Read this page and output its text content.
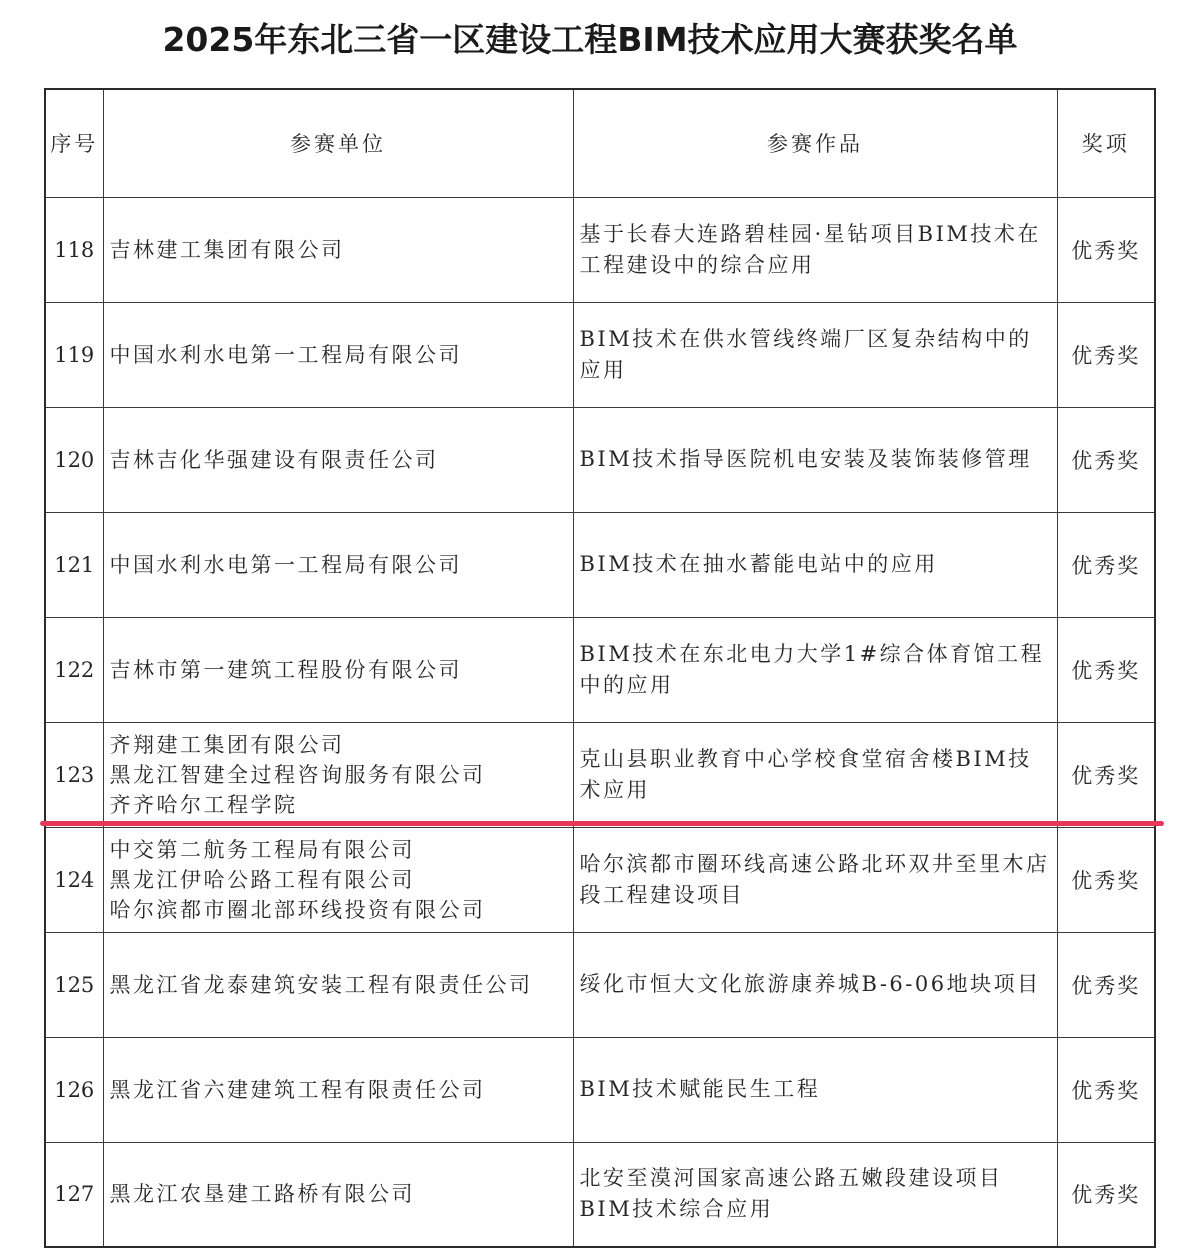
2025年东北三省一区建设工程BIM技术应用大赛获奖名单
序号	参赛单位	参赛作品	奖项
118	吉林建工集团有限公司	基于长春大连路碧桂园·星钻项目BIM技术在工程建设中的综合应用	优秀奖
119	中国水利水电第一工程局有限公司	BIM技术在供水管线终端厂区复杂结构中的应用	优秀奖
120	吉林吉化华强建设有限责任公司	BIM技术指导医院机电安装及装饰装修管理	优秀奖
121	中国水利水电第一工程局有限公司	BIM技术在抽水蓄能电站中的应用	优秀奖
122	吉林市第一建筑工程股份有限公司	BIM技术在东北电力大学1#综合体育馆工程中的应用	优秀奖
123	齐翔建工集团有限公司
黑龙江智建全过程咨询服务有限公司
齐齐哈尔工程学院	克山县职业教育中心学校食堂宿舍楼BIM技术应用	优秀奖
124	中交第二航务工程局有限公司
黑龙江伊哈公路工程有限公司
哈尔滨都市圈北部环线投资有限公司	哈尔滨都市圈环线高速公路北环双井至里木店段工程建设项目	优秀奖
125	黑龙江省龙泰建筑安装工程有限责任公司	绥化市恒大文化旅游康养城B-6-06地块项目	优秀奖
126	黑龙江省六建建筑工程有限责任公司	BIM技术赋能民生工程	优秀奖
127	黑龙江农垦建工路桥有限公司	北安至漠河国家高速公路五嫩段建设项目BIM技术综合应用	优秀奖
